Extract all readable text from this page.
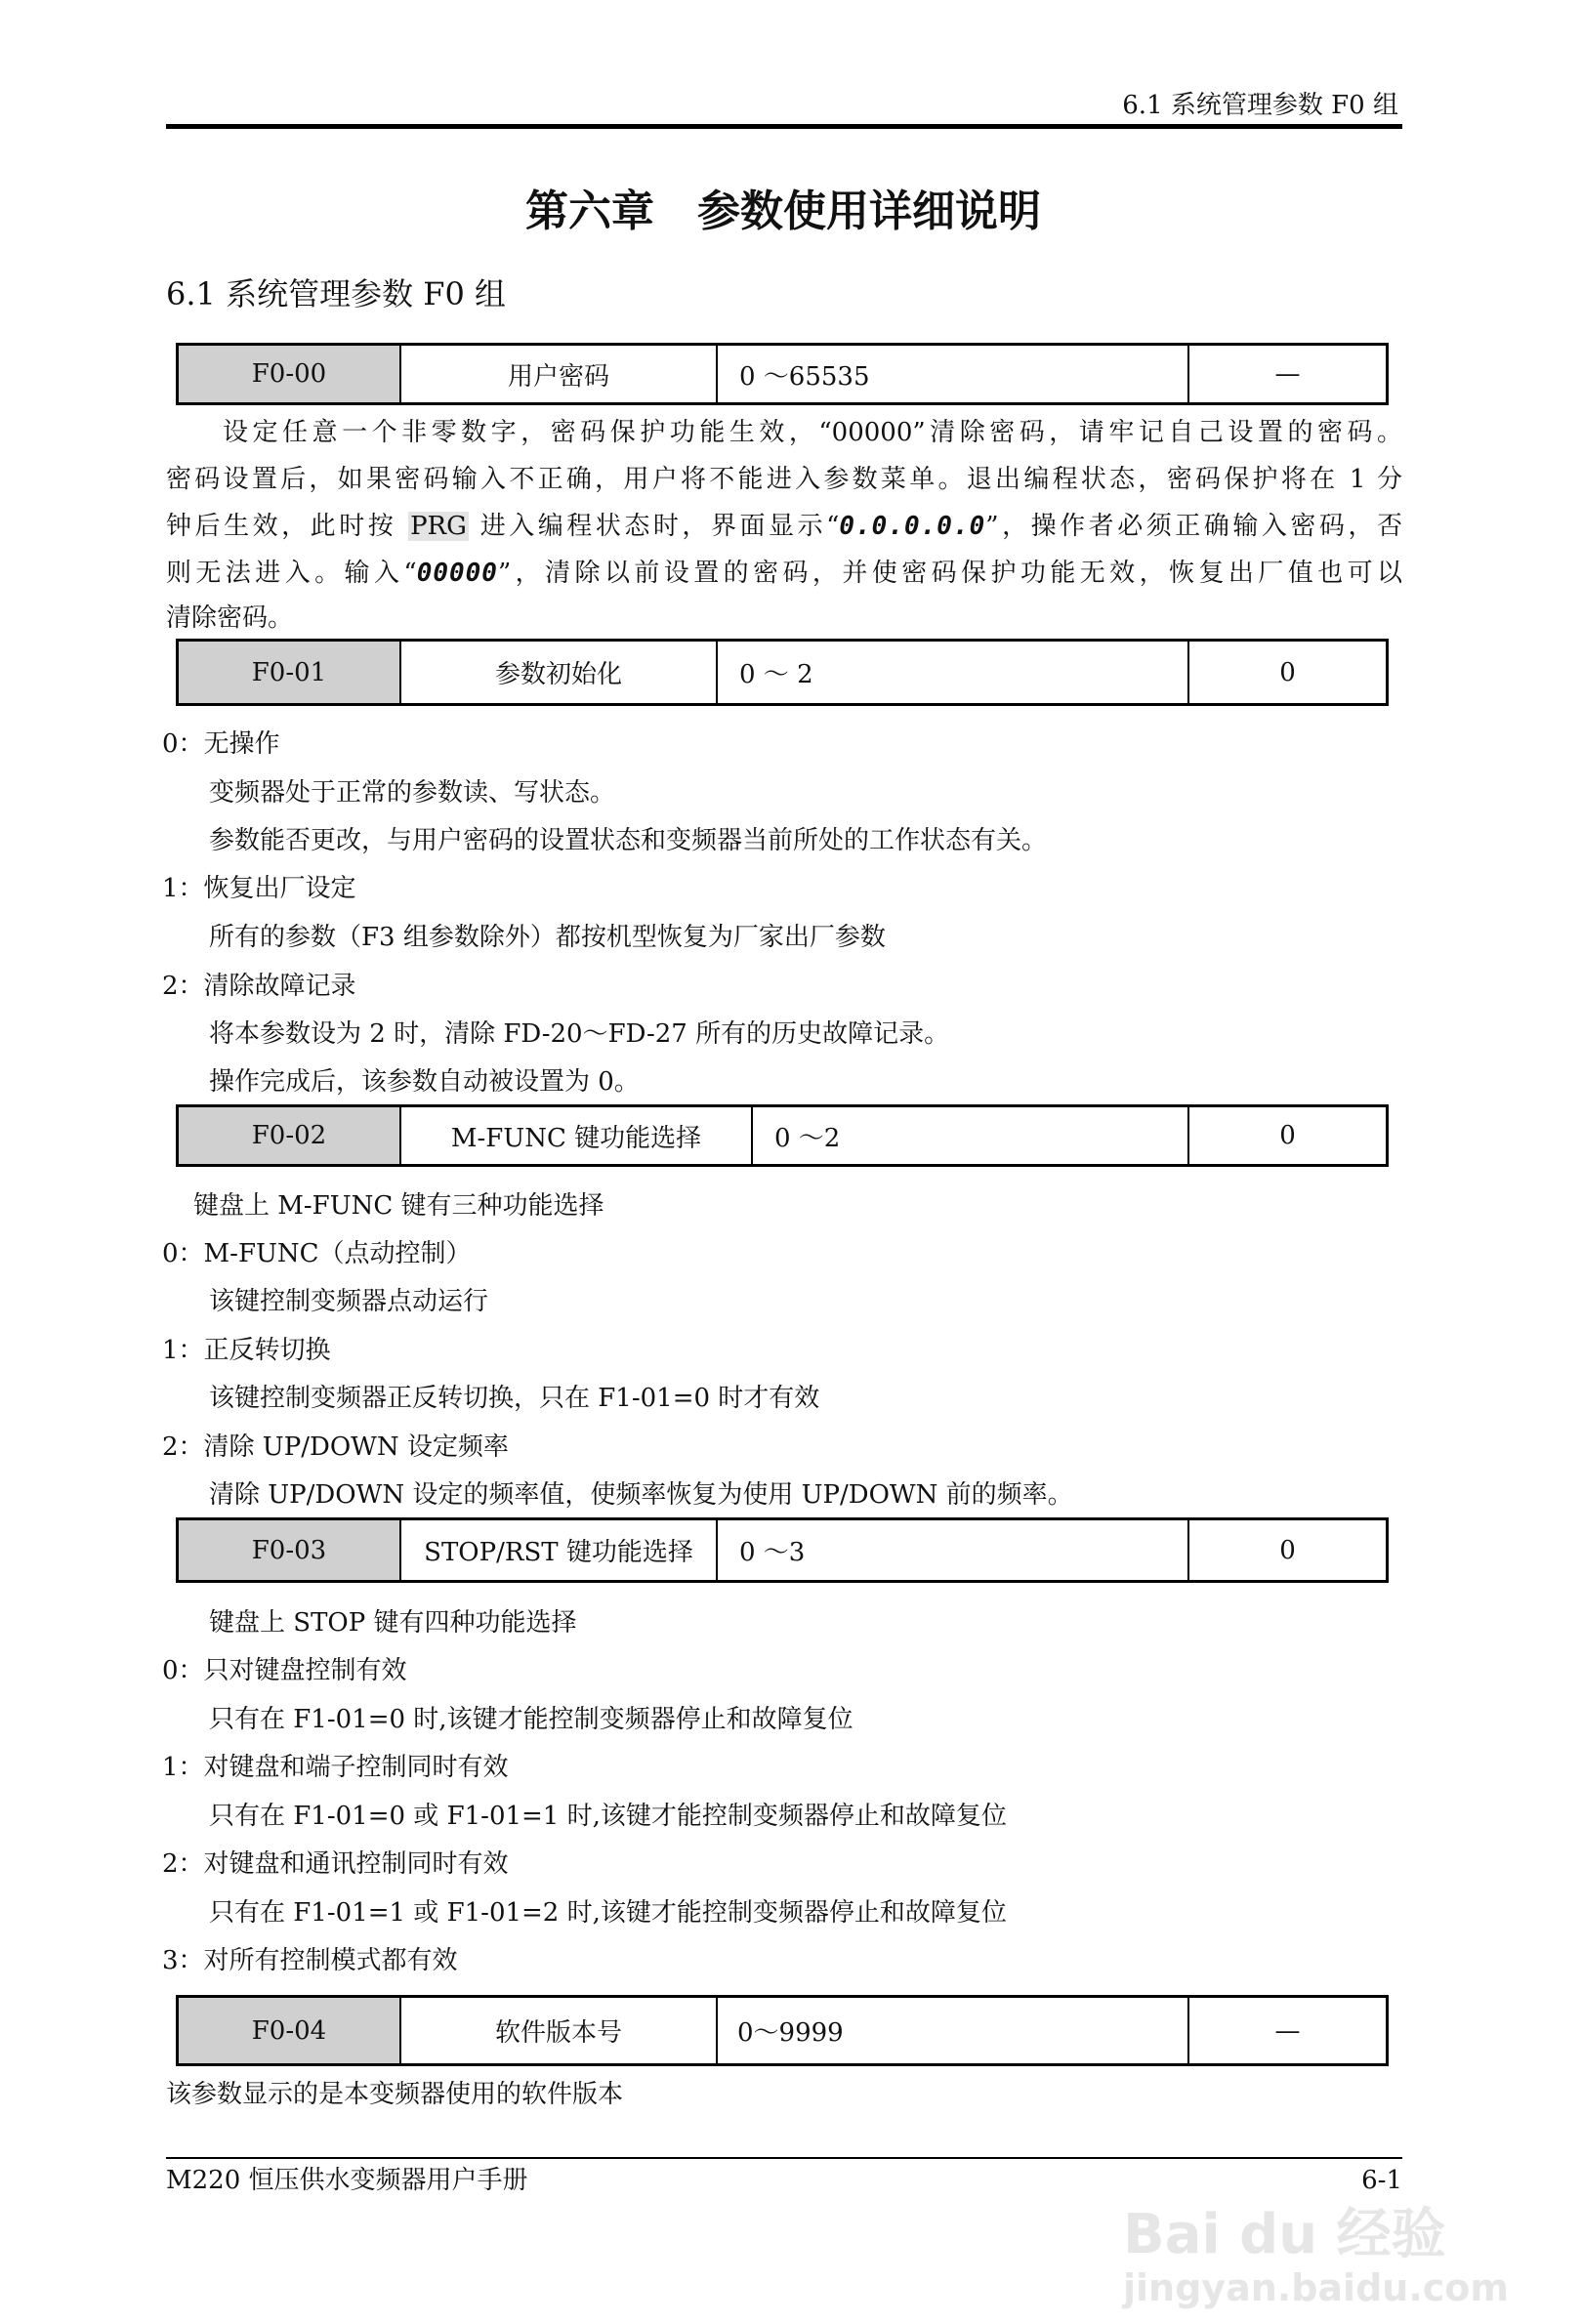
6.1 系统管理参数 F0 组
第六章　参数使用详细说明
6.1 系统管理参数 F0 组
F0-00	用户密码	0 ～65535	—
设定任意一个非零数字，密码保护功能生效，“00000”清除密码，请牢记自己设置的密码。
密码设置后，如果密码输入不正确，用户将不能进入参数菜单。退出编程状态，密码保护将在 1 分
钟后生效，此时按 PRG 进入编程状态时，界面显示“0.0.0.0.0”，操作者必须正确输入密码，否
则无法进入。输入“00000”，清除以前设置的密码，并使密码保护功能无效，恢复出厂值也可以
清除密码。
F0-01	参数初始化	0 ～ 2	0
0：无操作
变频器处于正常的参数读、写状态。
参数能否更改，与用户密码的设置状态和变频器当前所处的工作状态有关。
1：恢复出厂设定
所有的参数（F3 组参数除外）都按机型恢复为厂家出厂参数
2：清除故障记录
将本参数设为 2 时，清除 FD-20～FD-27 所有的历史故障记录。
操作完成后，该参数自动被设置为 0。
F0-02	M-FUNC 键功能选择	0 ～2	0
键盘上 M-FUNC 键有三种功能选择
0：M-FUNC（点动控制）
该键控制变频器点动运行
1：正反转切换
该键控制变频器正反转切换，只在 F1-01=0 时才有效
2：清除 UP/DOWN 设定频率
清除 UP/DOWN 设定的频率值，使频率恢复为使用 UP/DOWN 前的频率。
F0-03	STOP/RST 键功能选择	0 ～3	0
键盘上 STOP 键有四种功能选择
0：只对键盘控制有效
只有在 F1-01=0 时,该键才能控制变频器停止和故障复位
1：对键盘和端子控制同时有效
只有在 F1-01=0 或 F1-01=1 时,该键才能控制变频器停止和故障复位
2：对键盘和通讯控制同时有效
只有在 F1-01=1 或 F1-01=2 时,该键才能控制变频器停止和故障复位
3：对所有控制模式都有效
F0-04	软件版本号	0～9999	—
该参数显示的是本变频器使用的软件版本
M220 恒压供水变频器用户手册	6-1
Bai du 经验
jingyan.baidu.com
